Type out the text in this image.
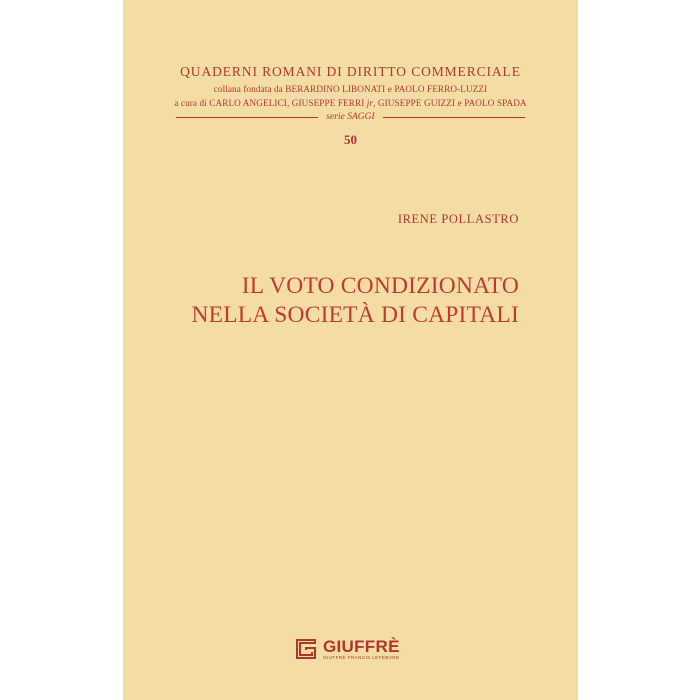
QUADERNI ROMANI DI DIRITTO COMMERCIALE
collana fondata da BERARDINO LIBONATI e PAOLO FERRO-LUZZI
a cura di CARLO ANGELICI, GIUSEPPE FERRI jr, GIUSEPPE GUIZZI e PAOLO SPADA
serie SAGGI
50
IRENE POLLASTRO
IL VOTO CONDIZIONATO
NELLA SOCIETÀ DI CAPITALI
GIUFFRÈ
GIUFFRÈ FRANCIS LEFEBVRE
